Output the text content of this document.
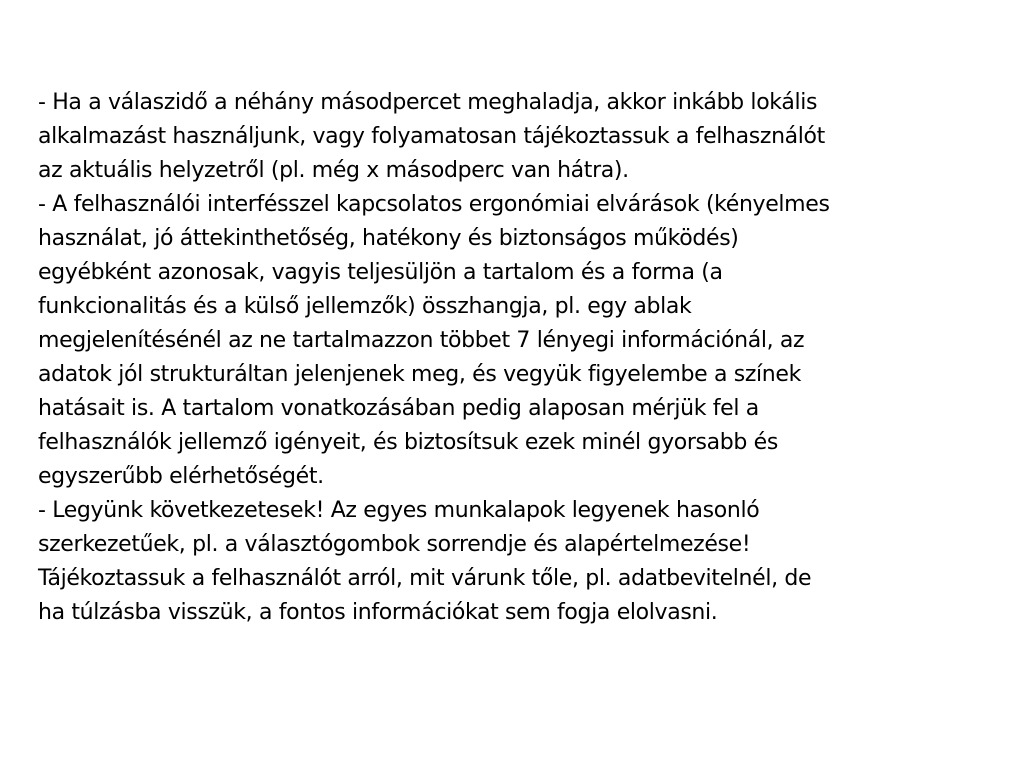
- Ha a válaszidő a néhány másodpercet meghaladja, akkor inkább lokális
alkalmazást használjunk, vagy folyamatosan tájékoztassuk a felhasználót
az aktuális helyzetről (pl. még x másodperc van hátra).
- A felhasználói interfésszel kapcsolatos ergonómiai elvárások (kényelmes
használat, jó áttekinthetőség, hatékony és biztonságos működés)
egyébként azonosak, vagyis teljesüljön a tartalom és a forma (a
funkcionalitás és a külső jellemzők) összhangja, pl. egy ablak
megjelenítésénél az ne tartalmazzon többet 7 lényegi információnál, az
adatok jól strukturáltan jelenjenek meg, és vegyük figyelembe a színek
hatásait is. A tartalom vonatkozásában pedig alaposan mérjük fel a
felhasználók jellemző igényeit, és biztosítsuk ezek minél gyorsabb és
egyszerűbb elérhetőségét.
- Legyünk következetesek! Az egyes munkalapok legyenek hasonló
szerkezetűek, pl. a választógombok sorrendje és alapértelmezése!
Tájékoztassuk a felhasználót arról, mit várunk tőle, pl. adatbevitelnél, de
ha túlzásba visszük, a fontos információkat sem fogja elolvasni.
